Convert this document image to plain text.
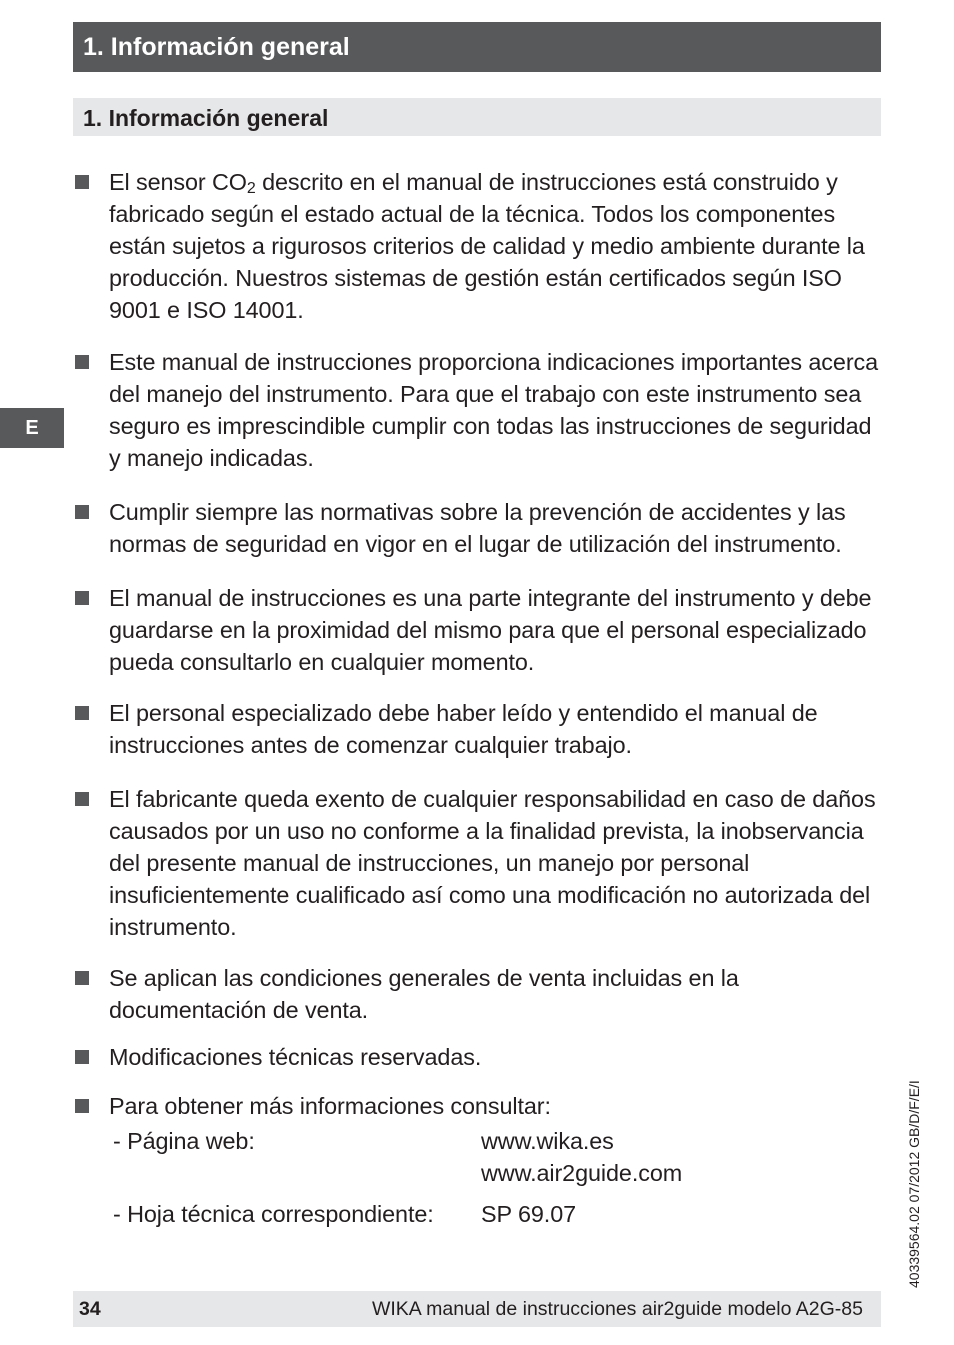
1. Información general
1. Información general
E
El sensor $CO_2$ descrito en el manual de instrucciones está construido y fabricado según el estado actual de la técnica. Todos los componentes están sujetos a rigurosos criterios de calidad y medio ambiente durante la producción. Nuestros sistemas de gestión están certificados según ISO 9001 e ISO 14001.
Este manual de instrucciones proporciona indicaciones importantes acerca del manejo del instrumento. Para que el trabajo con este instrumento sea seguro es imprescindible cumplir con todas las instrucciones de seguridad y manejo indicadas.
Cumplir siempre las normativas sobre la prevención de accidentes y las normas de seguridad en vigor en el lugar de utilización del instrumento.
El manual de instrucciones es una parte integrante del instrumento y debe guardarse en la proximidad del mismo para que el personal especializado pueda consultarlo en cualquier momento.
El personal especializado debe haber leído y entendido el manual de instrucciones antes de comenzar cualquier trabajo.
El fabricante queda exento de cualquier responsabilidad en caso de daños causados por un uso no conforme a la finalidad prevista, la inobservancia del presente manual de instrucciones, un manejo por personal insuficientemente cualificado así como una modificación no autorizada del instrumento.
Se aplican las condiciones generales de venta incluidas en la documentación de venta.
Modificaciones técnicas reservadas.
Para obtener más informaciones consultar:
- Página web:	www.wika.es
www.air2guide.com
- Hoja técnica correspondiente:	SP 69.07
34	WIKA manual de instrucciones air2guide modelo A2G-85
40339564.02 07/2012 GB/D/F/E/I
